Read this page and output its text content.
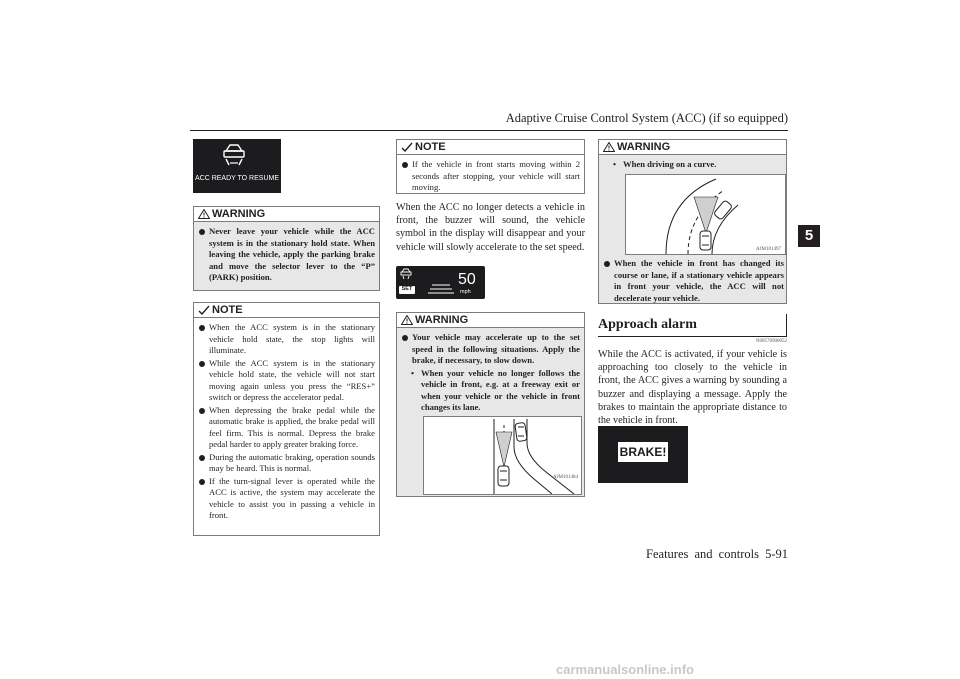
Adaptive Cruise Control System (ACC) (if so equipped)
5
ACC READY TO RESUME
WARNING
Never leave your vehicle while the ACC system is in the stationary hold state. When leaving the vehicle, apply the parking brake and move the selector lever to the “P” (PARK) position.
NOTE
When the ACC system is in the stationary vehicle hold state, the stop lights will illuminate.
While the ACC system is in the stationary vehicle hold state, the vehicle will not start moving again unless you press the “RES+” switch or depress the accelerator pedal.
When depressing the brake pedal while the automatic brake is applied, the brake pedal will feel firm. This is normal. Depress the brake pedal harder to apply greater braking force.
During the automatic braking, operation sounds may be heard. This is normal.
If the turn-signal lever is operated while the ACC is active, the system may accelerate the vehicle to assist you in passing a vehicle in front.
NOTE
If the vehicle in front starts moving within 2 seconds after stopping, your vehicle will start moving.
When the ACC no longer detects a vehicle in front, the buzzer will sound, the vehicle symbol in the display will disappear and your vehicle will slowly accelerate to the set speed.
SET
50
mph
WARNING
Your vehicle may accelerate up to the set speed in the following situations. Apply the brake, if necessary, to slow down.
• When your vehicle no longer follows the vehicle in front, e.g. at a freeway exit or when your vehicle or the vehicle in front changes its lane.
AJM101484
WARNING
• When driving on a curve.
AJM101497
When the vehicle in front has changed its course or lane, if a stationary vehicle appears in front your vehicle, the ACC will not decelerate your vehicle.
Approach alarm
N00576900052
While the ACC is activated, if your vehicle is approaching too closely to the vehicle in front, the ACC gives a warning by sounding a buzzer and displaying a message. Apply the brakes to maintain the appropriate distance to the vehicle in front.
BRAKE!
Features and controls 5-91
carmanualsonline.info
